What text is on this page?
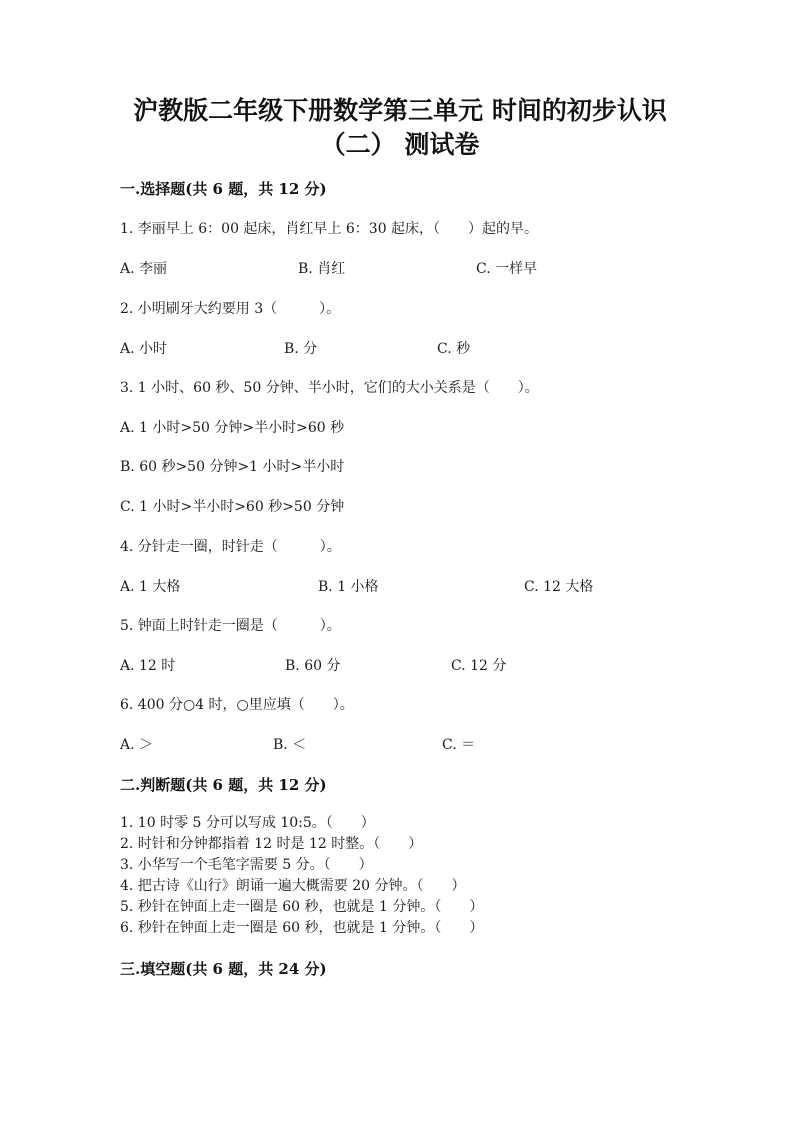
沪教版二年级下册数学第三单元 时间的初步认识
（二） 测试卷
一.选择题(共 6 题，共 12 分)
1. 李丽早上 6：00 起床，肖红早上 6：30 起床，（　　）起的早。
A. 李丽	B. 肖红	C. 一样早
2. 小明刷牙大约要用 3（　　　）。
A. 小时	B. 分	C. 秒
3. 1 小时、60 秒、50 分钟、半小时，它们的大小关系是（　　）。
A. 1 小时>50 分钟>半小时>60 秒
B. 60 秒>50 分钟>1 小时>半小时
C. 1 小时>半小时>60 秒>50 分钟
4. 分针走一圈，时针走（　　　）。
A. 1 大格	B. 1 小格	C. 12 大格
5. 钟面上时针走一圈是（　　　）。
A. 12 时	B. 60 分	C. 12 分
6. 400 分○4 时，○里应填（　　）。
A. ＞	B. ＜	C. ＝
二.判断题(共 6 题，共 12 分)
1. 10 时零 5 分可以写成 10:5。（　　）
2. 时针和分钟都指着 12 时是 12 时整。（　　）
3. 小华写一个毛笔字需要 5 分。（　　）
4. 把古诗《山行》朗诵一遍大概需要 20 分钟。（　　）
5. 秒针在钟面上走一圈是 60 秒，也就是 1 分钟。（　　）
6. 秒针在钟面上走一圈是 60 秒，也就是 1 分钟。（　　）
三.填空题(共 6 题，共 24 分)
